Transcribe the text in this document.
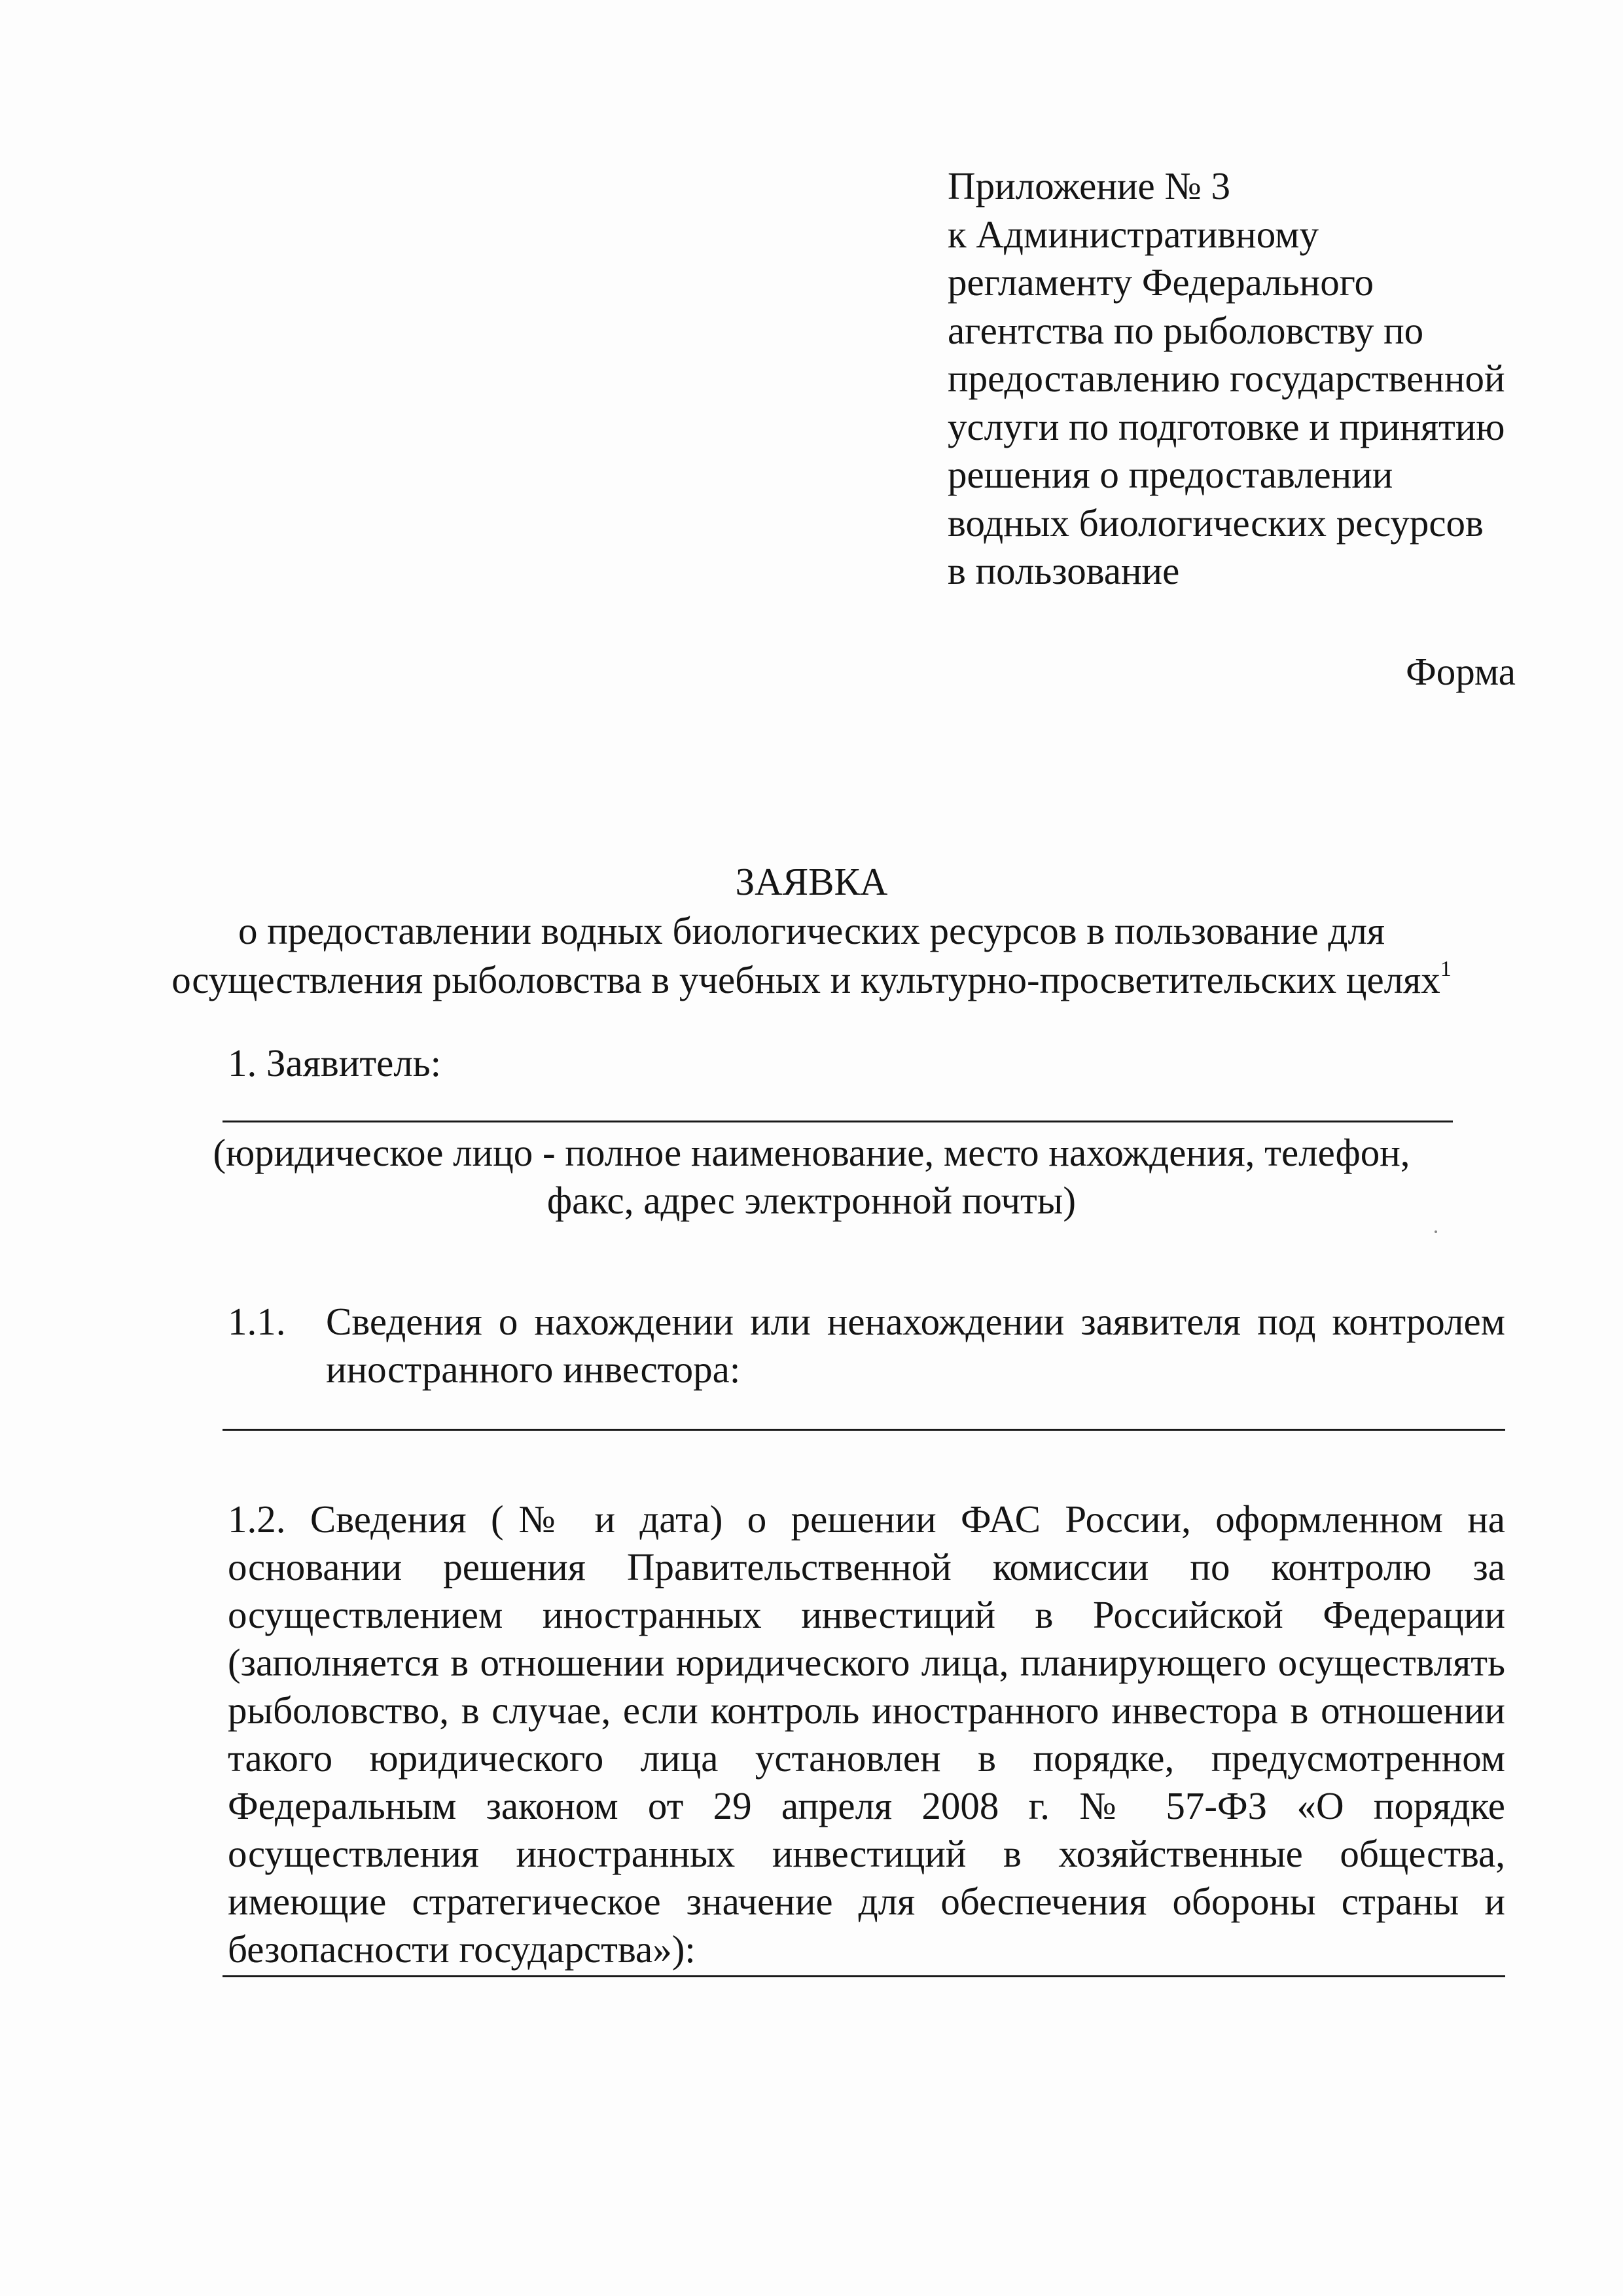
Приложение № 3
к Административному
регламенту Федерального
агентства по рыболовству по
предоставлению государственной
услуги по подготовке и принятию
решения о предоставлении
водных биологических ресурсов
в пользование
Форма
ЗАЯВКА
о предоставлении водных биологических ресурсов в пользование для
осуществления рыболовства в учебных и культурно-просветительских целях$^1$
1. Заявитель:
(юридическое лицо - полное наименование, место нахождения, телефон,
факс, адрес электронной почты)
1.1. Сведения о нахождении или ненахождении заявителя под контролем иностранного инвестора:
1.2. Сведения (№ и дата) о решении ФАС России, оформленном на
основании решения Правительственной комиссии по контролю за
осуществлением иностранных инвестиций в Российской Федерации
(заполняется в отношении юридического лица, планирующего осуществлять
рыболовство, в случае, если контроль иностранного инвестора в отношении
такого юридического лица установлен в порядке, предусмотренном
Федеральным законом от 29 апреля 2008 г. № 57-ФЗ «О порядке
осуществления иностранных инвестиций в хозяйственные общества,
имеющие стратегическое значение для обеспечения обороны страны и
безопасности государства»):
